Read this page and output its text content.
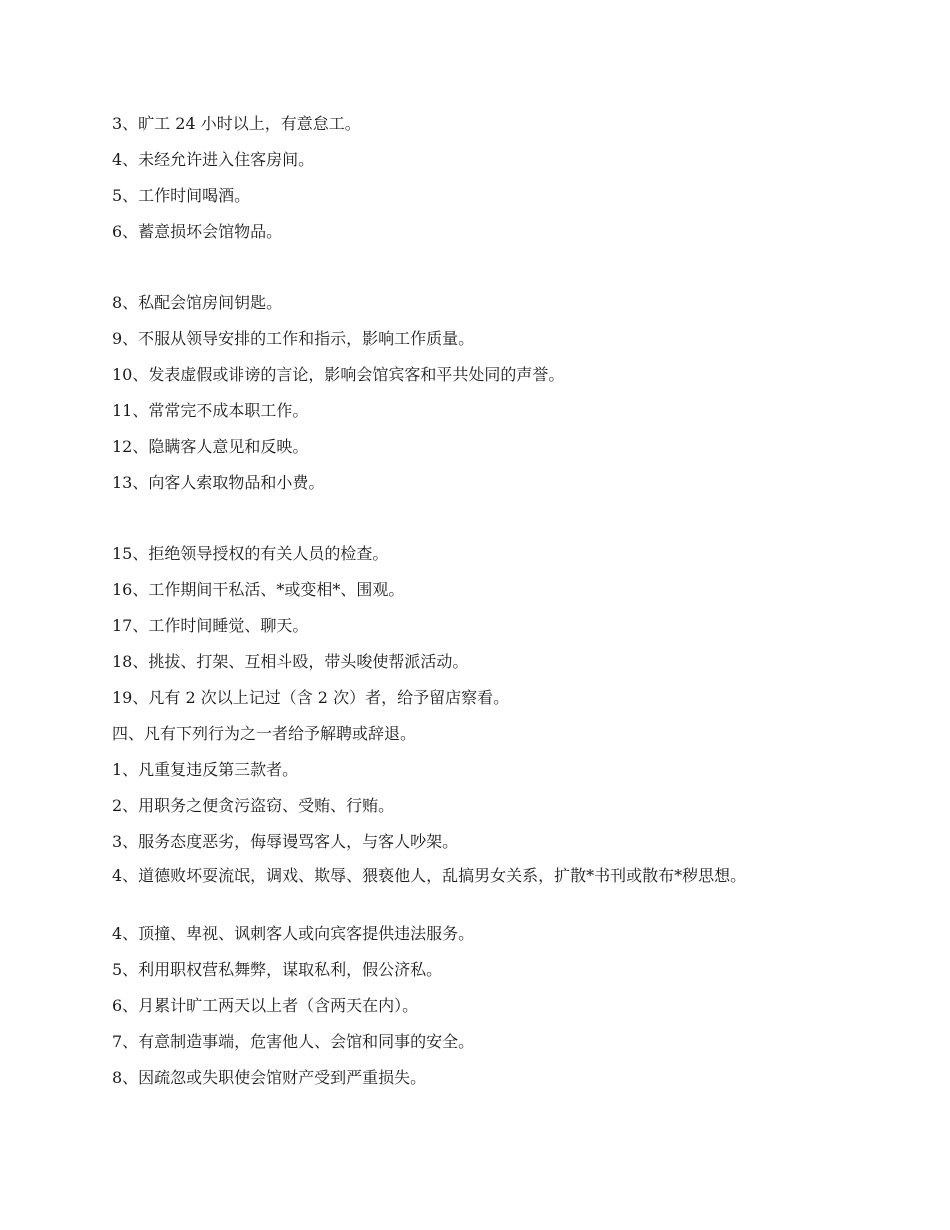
3、旷工 24 小时以上，有意怠工。
4、未经允许进入住客房间。
5、工作时间喝酒。
6、蓄意损坏会馆物品。
8、私配会馆房间钥匙。
9、不服从领导安排的工作和指示，影响工作质量。
10、发表虚假或诽谤的言论，影响会馆宾客和平共处同的声誉。
11、常常完不成本职工作。
12、隐瞒客人意见和反映。
13、向客人索取物品和小费。
15、拒绝领导授权的有关人员的检查。
16、工作期间干私活、*或变相*、围观。
17、工作时间睡觉、聊天。
18、挑拔、打架、互相斗殴，带头唆使帮派活动。
19、凡有 2 次以上记过（含 2 次）者，给予留店察看。
四、凡有下列行为之一者给予解聘或辞退。
1、凡重复违反第三款者。
2、用职务之便贪污盗窃、受贿、行贿。
3、服务态度恶劣，侮辱谩骂客人，与客人吵架。
4、道德败坏耍流氓，调戏、欺辱、猥亵他人，乱搞男女关系，扩散*书刊或散布*秽思想。
4、顶撞、卑视、讽刺客人或向宾客提供违法服务。
5、利用职权营私舞弊，谋取私利，假公济私。
6、月累计旷工两天以上者（含两天在内）。
7、有意制造事端，危害他人、会馆和同事的安全。
8、因疏忽或失职使会馆财产受到严重损失。
